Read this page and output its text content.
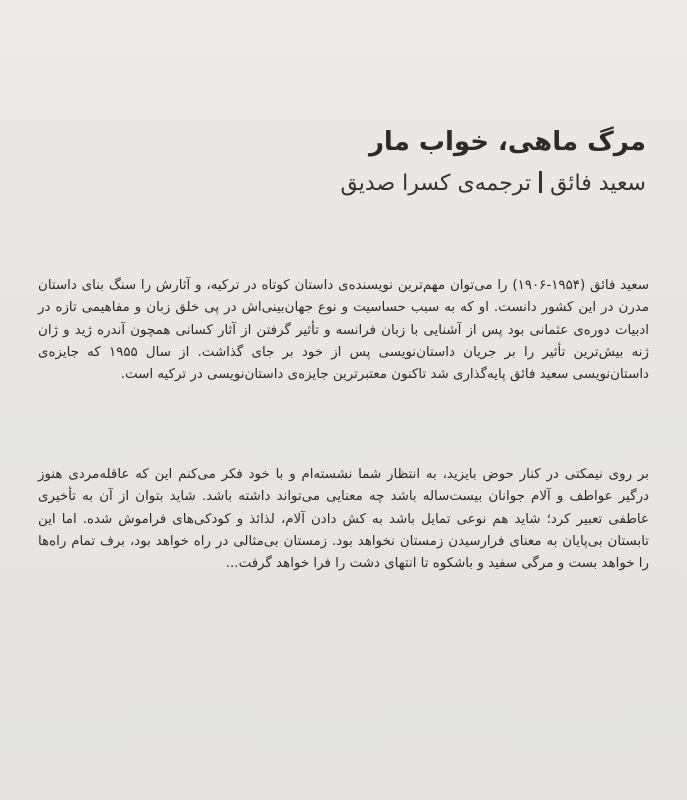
مرگ ماهی، خواب مار
سعید فائقترجمه‌ی کسرا صدیق

سعید فائق (۱۹۵۴-۱۹۰۶) را می‌توان مهم‌ترین نویسنده‌ی داستان کوتاه در ترکیه، و آثارش را سنگ بنای داستان مدرن در این کشور دانست. او که به سبب حساسیت و نوع جهان‌بینی‌اش در پی خلق زبان و مفاهیمی تازه در ادبیات دوره‌ی عثمانی بود پس از آشنایی با زبان فرانسه و تأثیر گرفتن از آثار کسانی همچون آندره ژید و ژان ژنه بیش‌ترین تأثیر را بر جریان داستان‌نویسی پس از خود بر جای گذاشت. از سال ۱۹۵۵ که جایزه‌ی داستان‌نویسی سعید فائق پایه‌گذاری شد تاکنون معتبرترین جایزه‌ی داستان‌نویسی در ترکیه است.

بر روی نیمکتی در کنار حوض بایزید، به انتظار شما نشسته‌ام و با خود فکر می‌کنم این که عاقله‌مردی هنوز درگیر عواطف و آلام جوانان بیست‌ساله باشد چه معنایی می‌تواند داشته باشد. شاید بتوان از آن به تأخیری عاطفی تعبیر کرد؛ شاید هم نوعی تمایل باشد به کش دادن آلام، لذائذ و کودکی‌های فراموش شده. اما این تابستان بی‌پایان به معنای فرارسیدن زمستان نخواهد بود. زمستان بی‌مثالی در راه خواهد بود، برف تمام راه‌ها را خواهد بست و مرگی سفید و باشکوه تا انتهای دشت را فرا خواهد گرفت...
